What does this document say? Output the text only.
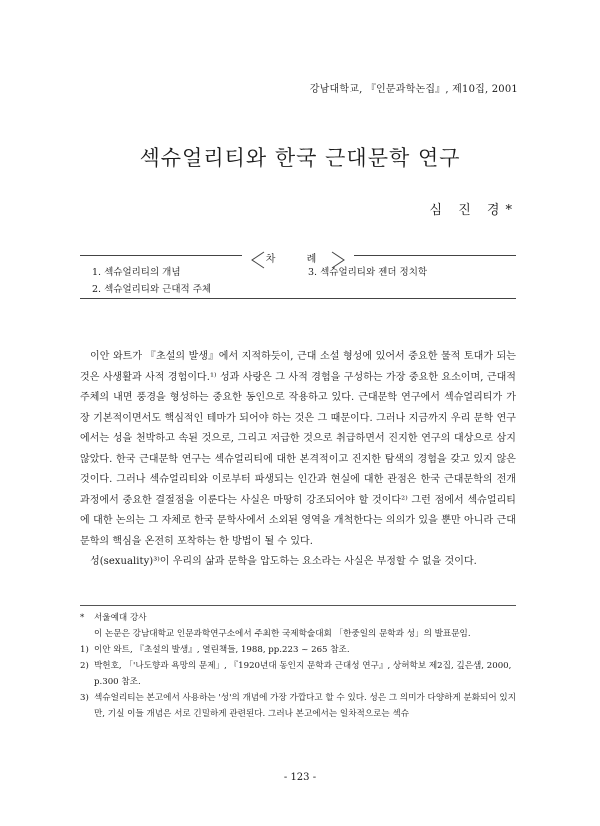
강남대학교, 『인문과학논집』, 제10집, 2001
섹슈얼리티와 한국 근대문학 연구
심 진 경*
차 례
1. 섹슈얼리티의 개념
2. 섹슈얼리티와 근대적 주체
3. 섹슈얼리티와 젠더 정치학

이안 와트가 『초설의 발생』에서 지적하듯이, 근대 소설 형성에 있어서 중요한 물적 토대가 되는 것은 사생활과 사적 경험이다.¹⁾ 성과 사랑은 그 사적 경험을 구성하는 가장 중요한 요소이며, 근대적 주체의 내면 풍경을 형성하는 중요한 동인으로 작용하고 있다. 근대문학 연구에서 섹슈얼리티가 가장 기본적이면서도 핵심적인 테마가 되어야 하는 것은 그 때문이다. 그러나 지금까지 우리 문학 연구에서는 성을 천박하고 속된 것으로, 그리고 저급한 것으로 취급하면서 진지한 연구의 대상으로 삼지 않았다. 한국 근대문학 연구는 섹슈얼리티에 대한 본격적이고 진지한 탐색의 경험을 갖고 있지 않은 것이다. 그러나 섹슈얼리티와 이로부터 파생되는 인간과 현실에 대한 관점은 한국 근대문학의 전개과정에서 중요한 결절점을 이룬다는 사실은 마땅히 강조되어야 할 것이다²⁾ 그런 점에서 섹슈얼리티에 대한 논의는 그 자체로 한국 문학사에서 소외된 영역을 개척한다는 의의가 있을 뿐만 아니라 근대문학의 핵심을 온전히 포착하는 한 방법이 될 수 있다.

성(sexuality)³⁾이 우리의 삶과 문학을 압도하는 요소라는 사실은 부정할 수 없을 것이다.

*	서울예대 강사
이 논문은 강남대학교 인문과학연구소에서 주최한 국제학술대회 「한중일의 문학과 성」의 발표문임.
1) 이안 와트, 『초설의 발생』, 열린책들, 1988, pp.223 ~ 265 참조.
2) 박헌호, 「'나도향과 욕망의 문제」, 『1920년대 동인지 문학과 근대성 연구』, 상허학보 제2집, 깊은샘, 2000, p.300 참조.
3) 섹슈얼리티는 본고에서 사용하는 '성'의 개념에 가장 가깝다고 할 수 있다. 성은 그 의미가 다양하게 분화되어 있지만, 기실 이들 개념은 서로 긴밀하게 관련된다. 그러나 본고에서는 일차적으로는 섹슈
- 123 -
